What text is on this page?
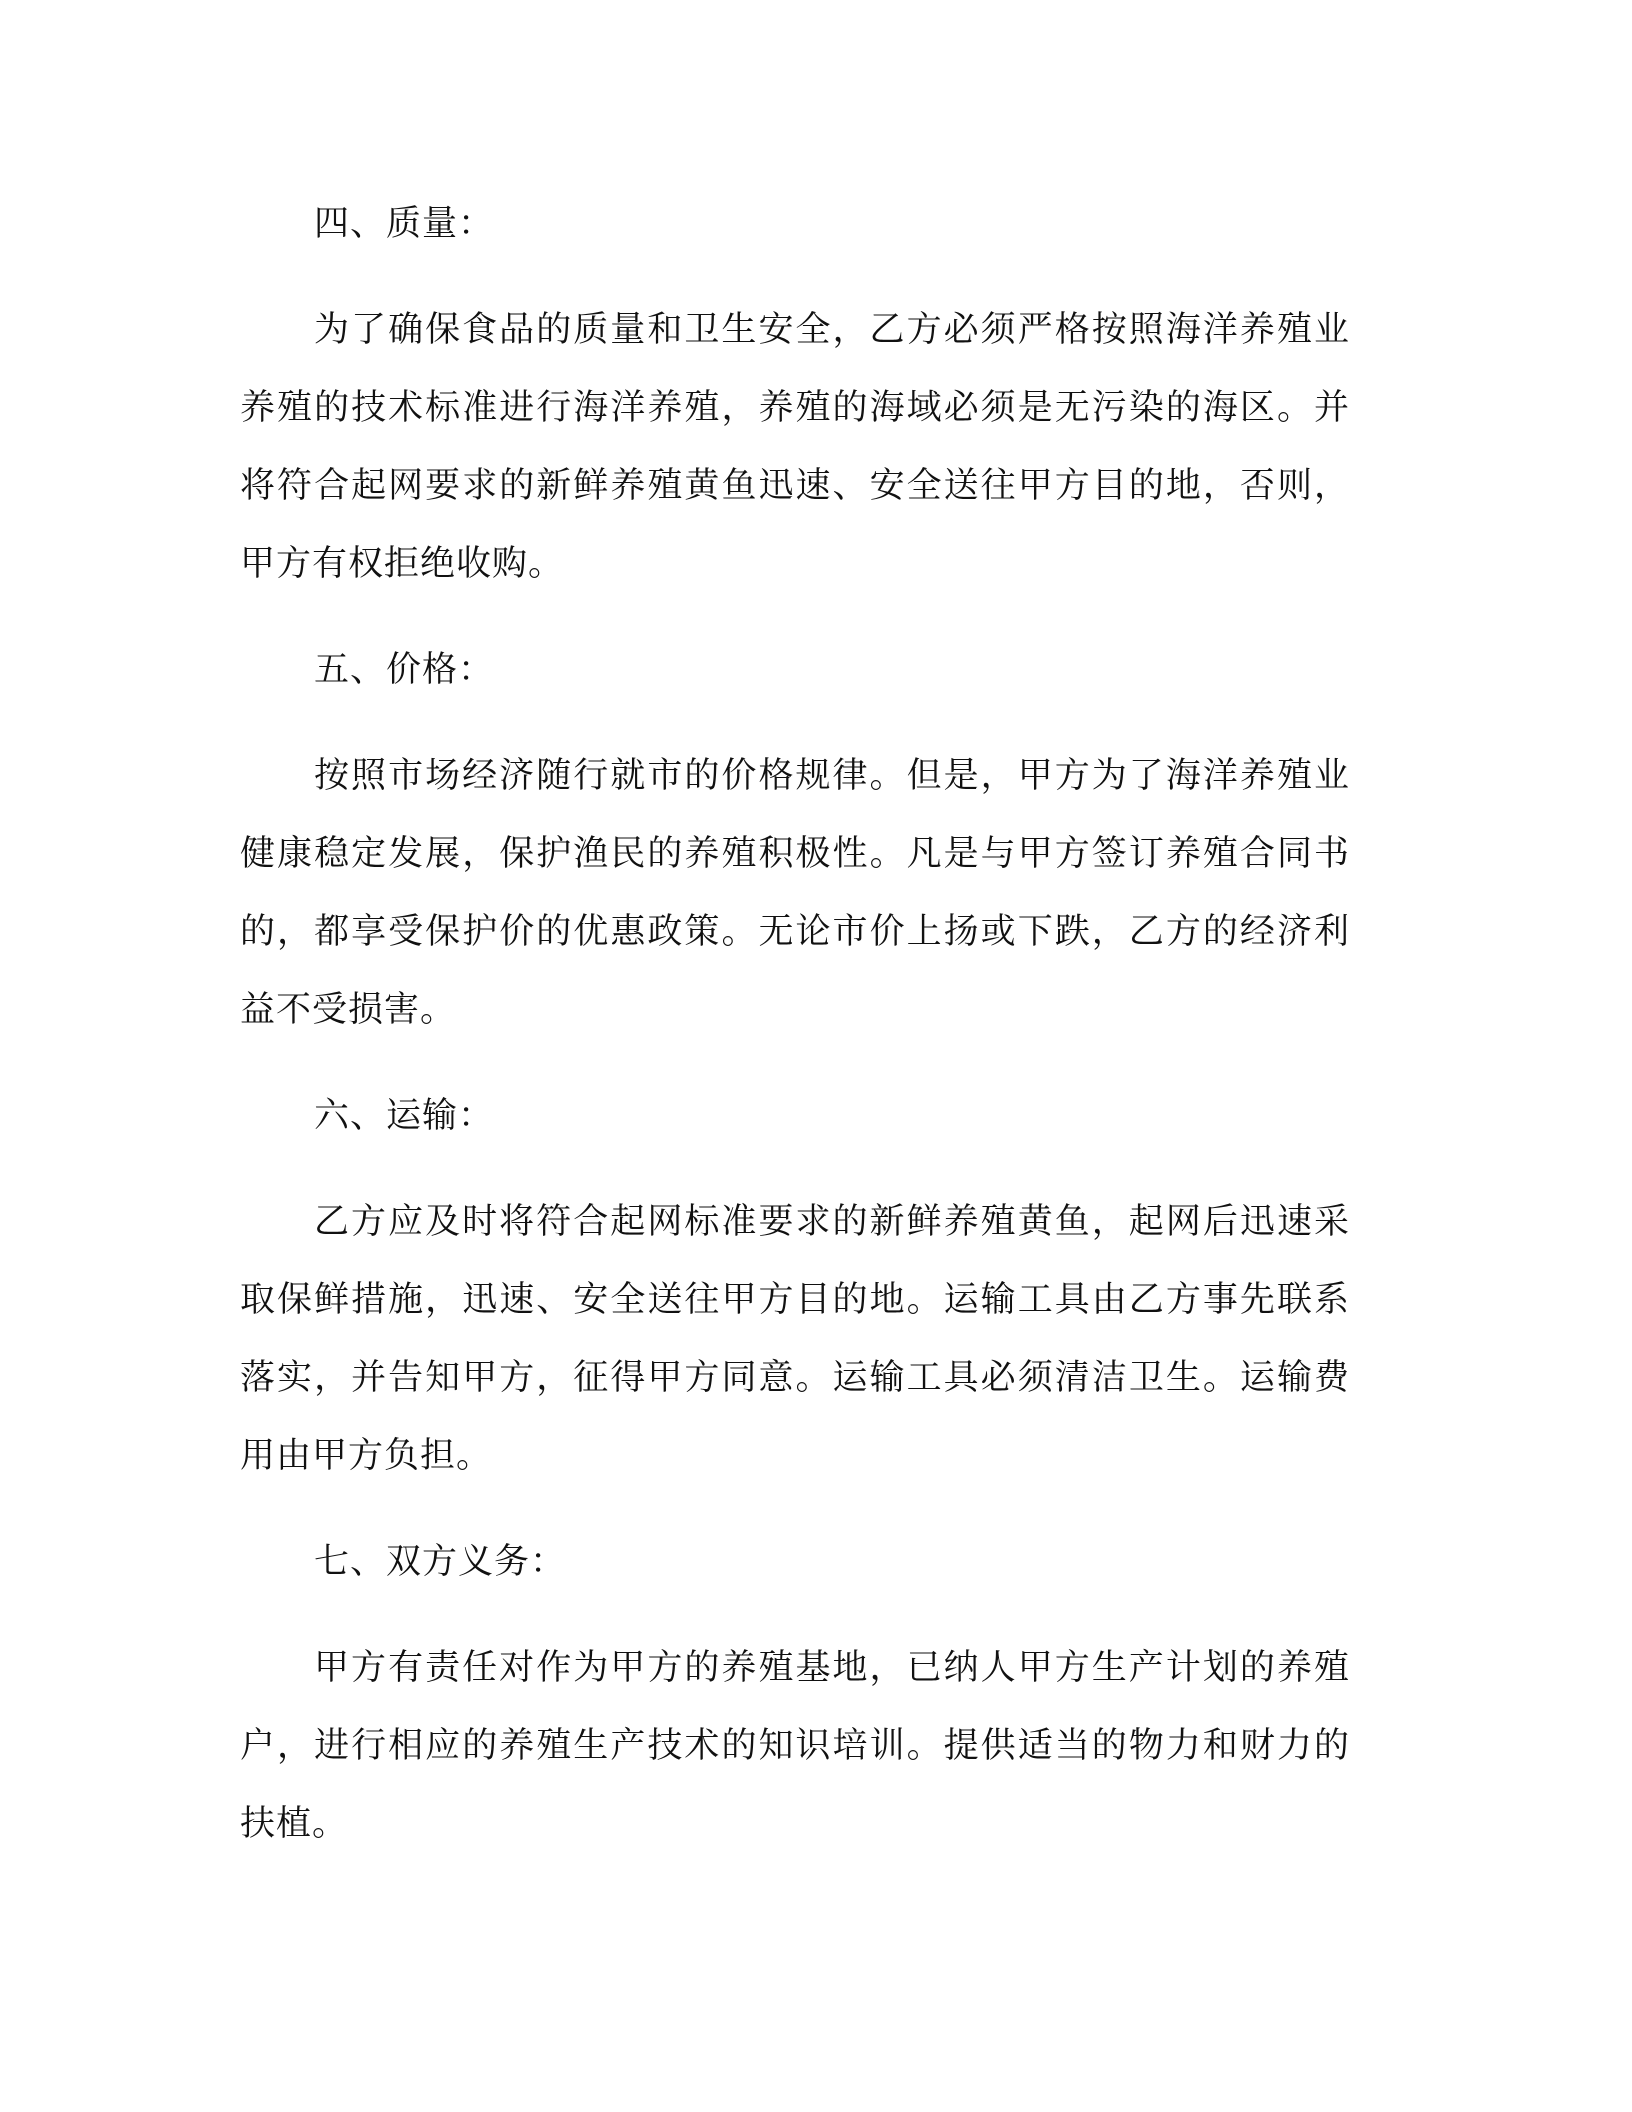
四、质量：
为了确保食品的质量和卫生安全，乙方必须严格按照海洋养殖业养殖的技术标准进行海洋养殖，养殖的海域必须是无污染的海区。并将符合起网要求的新鲜养殖黄鱼迅速、安全送往甲方目的地，否则，甲方有权拒绝收购。
五、价格：
按照市场经济随行就市的价格规律。但是，甲方为了海洋养殖业健康稳定发展，保护渔民的养殖积极性。凡是与甲方签订养殖合同书的，都享受保护价的优惠政策。无论市价上扬或下跌，乙方的经济利益不受损害。
六、运输：
乙方应及时将符合起网标准要求的新鲜养殖黄鱼，起网后迅速采取保鲜措施，迅速、安全送往甲方目的地。运输工具由乙方事先联系落实，并告知甲方，征得甲方同意。运输工具必须清洁卫生。运输费用由甲方负担。
七、双方义务：
甲方有责任对作为甲方的养殖基地，已纳人甲方生产计划的养殖户，进行相应的养殖生产技术的知识培训。提供适当的物力和财力的扶植。
